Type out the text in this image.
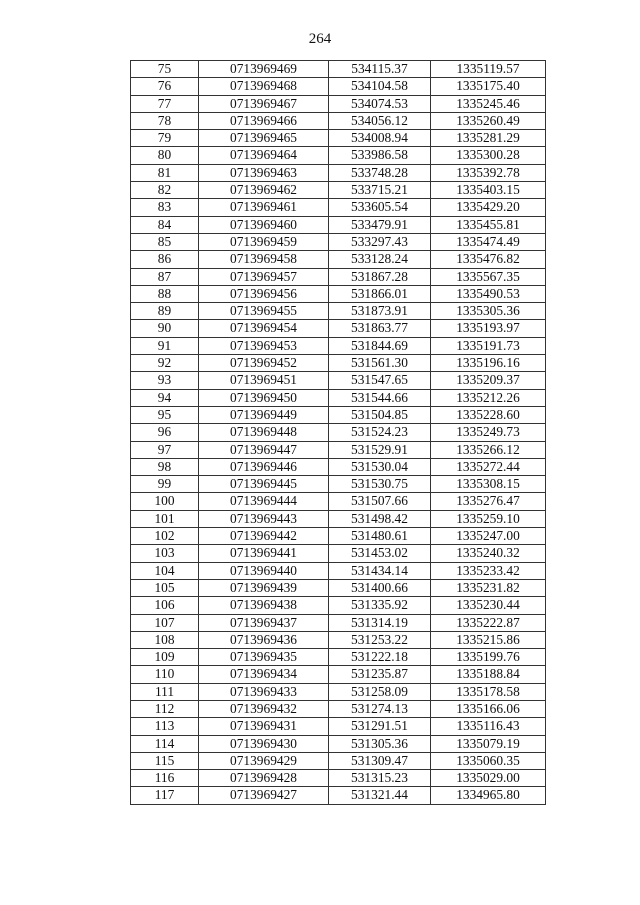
264
75	0713969469	534115.37	1335119.57
76	0713969468	534104.58	1335175.40
77	0713969467	534074.53	1335245.46
78	0713969466	534056.12	1335260.49
79	0713969465	534008.94	1335281.29
80	0713969464	533986.58	1335300.28
81	0713969463	533748.28	1335392.78
82	0713969462	533715.21	1335403.15
83	0713969461	533605.54	1335429.20
84	0713969460	533479.91	1335455.81
85	0713969459	533297.43	1335474.49
86	0713969458	533128.24	1335476.82
87	0713969457	531867.28	1335567.35
88	0713969456	531866.01	1335490.53
89	0713969455	531873.91	1335305.36
90	0713969454	531863.77	1335193.97
91	0713969453	531844.69	1335191.73
92	0713969452	531561.30	1335196.16
93	0713969451	531547.65	1335209.37
94	0713969450	531544.66	1335212.26
95	0713969449	531504.85	1335228.60
96	0713969448	531524.23	1335249.73
97	0713969447	531529.91	1335266.12
98	0713969446	531530.04	1335272.44
99	0713969445	531530.75	1335308.15
100	0713969444	531507.66	1335276.47
101	0713969443	531498.42	1335259.10
102	0713969442	531480.61	1335247.00
103	0713969441	531453.02	1335240.32
104	0713969440	531434.14	1335233.42
105	0713969439	531400.66	1335231.82
106	0713969438	531335.92	1335230.44
107	0713969437	531314.19	1335222.87
108	0713969436	531253.22	1335215.86
109	0713969435	531222.18	1335199.76
110	0713969434	531235.87	1335188.84
111	0713969433	531258.09	1335178.58
112	0713969432	531274.13	1335166.06
113	0713969431	531291.51	1335116.43
114	0713969430	531305.36	1335079.19
115	0713969429	531309.47	1335060.35
116	0713969428	531315.23	1335029.00
117	0713969427	531321.44	1334965.80
